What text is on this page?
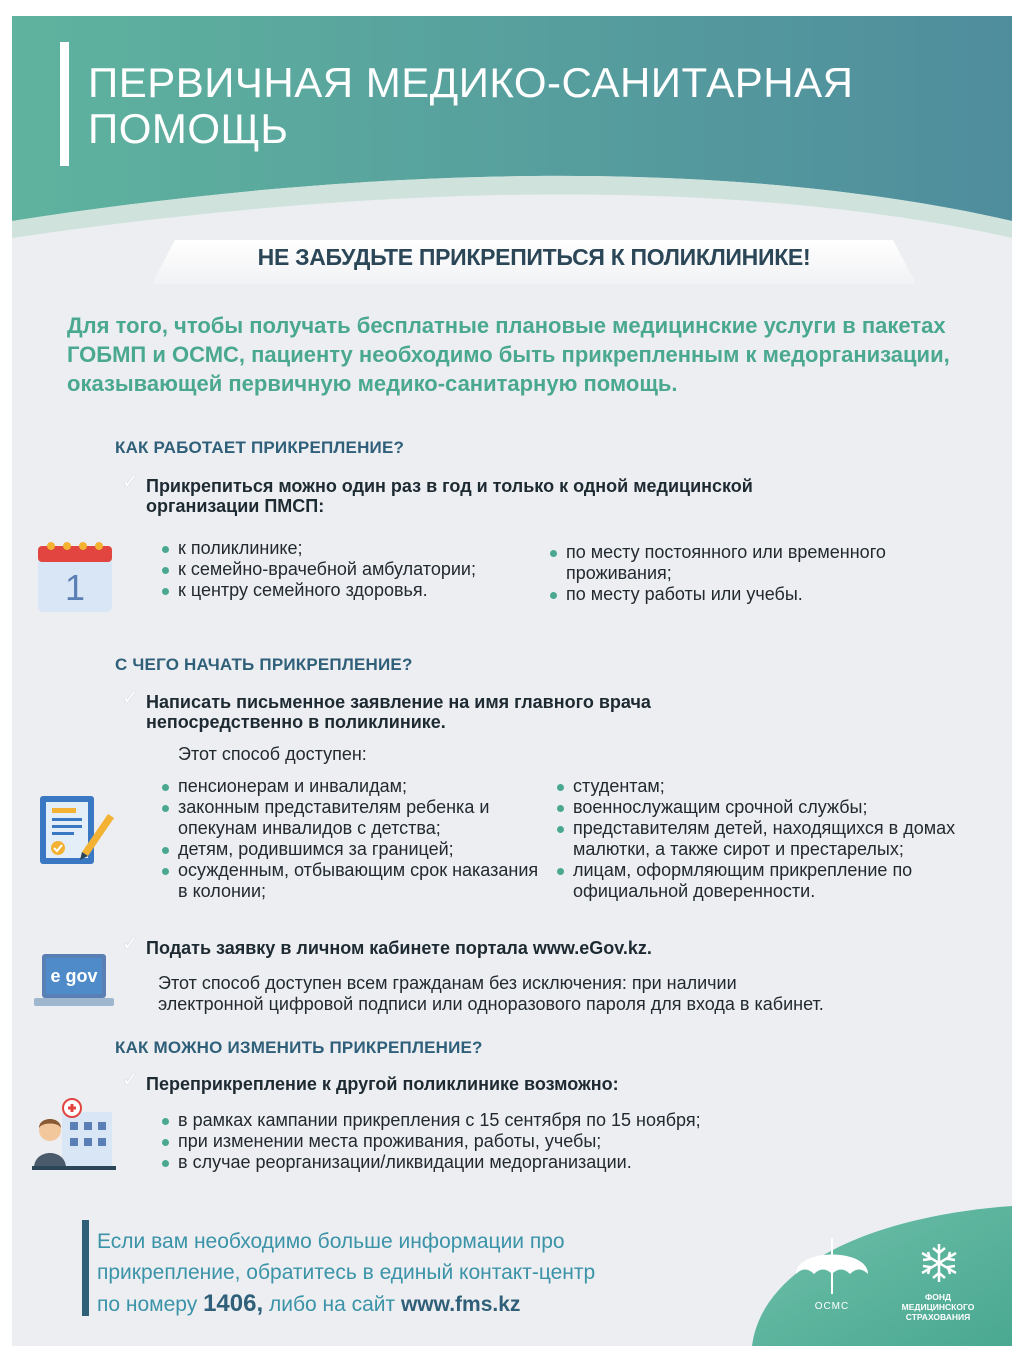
ПЕРВИЧНАЯ МЕДИКО-САНИТАРНАЯ
ПОМОЩЬ
НЕ ЗАБУДЬТЕ ПРИКРЕПИТЬСЯ К ПОЛИКЛИНИКЕ!
Для того, чтобы получать бесплатные плановые медицинские услуги в пакетах ГОБМП и ОСМС, пациенту необходимо быть прикрепленным к медорганизации, оказывающей первичную медико-санитарную помощь.
КАК РАБОТАЕТ ПРИКРЕПЛЕНИЕ?
✓ Прикрепиться можно один раз в год и только к одной медицинской
организации ПМСП:
1
к поликлинике;
к семейно-врачебной амбулатории;
к центру семейного здоровья.
по месту постоянного или временного проживания;
по месту работы или учебы.
С ЧЕГО НАЧАТЬ ПРИКРЕПЛЕНИЕ?
✓ Написать письменное заявление на имя главного врача
непосредственно в поликлинике.
Этот способ доступен:
пенсионерам и инвалидам;
законным представителям ребенка и опекунам инвалидов с детства;
детям, родившимся за границей;
осужденным, отбывающим срок наказания в колонии;
студентам;
военнослужащим срочной службы;
представителям детей, находящихся в домах малютки, а также сирот и престарелых;
лицам, оформляющим прикрепление по официальной доверенности.
e gov
✓ Подать заявку в личном кабинете портала www.eGov.kz.
Этот способ доступен всем гражданам без исключения: при наличии
электронной цифровой подписи или одноразового пароля для входа в кабинет.
КАК МОЖНО ИЗМЕНИТЬ ПРИКРЕПЛЕНИЕ?
✓ Переприкрепление к другой поликлинике возможно:
в рамках кампании прикрепления с 15 сентября по 15 ноября;
при изменении места проживания, работы, учебы;
в случае реорганизации/ликвидации медорганизации.
Если вам необходимо больше информации про
прикрепление, обратитесь в единый контакт-центр
по номеру 1406, либо на сайт www.fms.kz	ОСМС
ФОНД
МЕДИЦИНСКОГО
СТРАХОВАНИЯ
